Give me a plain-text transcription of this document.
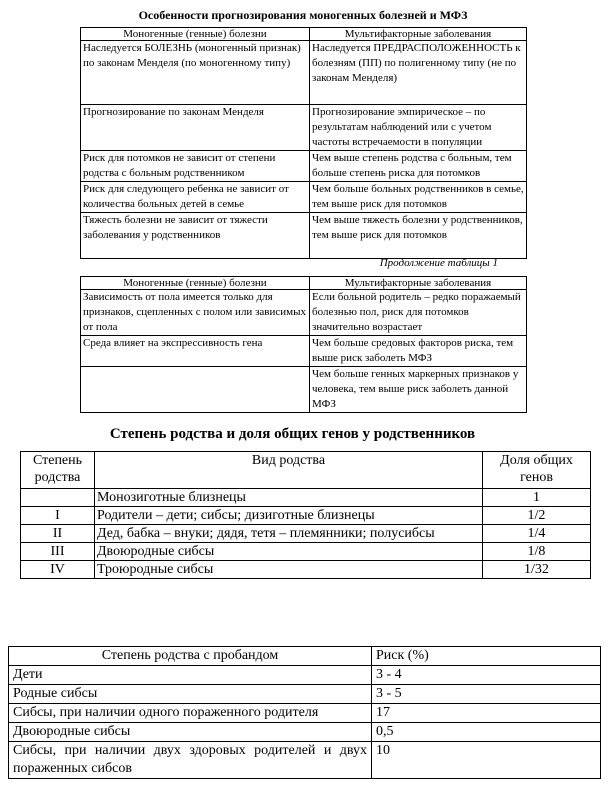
Особенности прогнозирования моногенных болезней и МФЗ
Моногенные (генные) болезни	Мультифакторные заболевания
Наследуется БОЛЕЗНЬ (моногенный признак) по законам Менделя (по моногенному типу)	Наследуется ПРЕДРАСПОЛОЖЕННОСТЬ к болезням (ПП) по полигенному типу (не по законам Менделя)
Прогнозирование по законам Менделя	Прогнозирование эмпирическое – по результатам наблюдений или с учетом частоты встречаемости в популяции
Риск для потомков не зависит от степени родства с больным родственником	Чем выше степень родства с больным, тем больше степень риска для потомков
Риск для следующего ребенка не зависит от количества больных детей в семье	Чем больше больных родственников в семье, тем выше риск для потомков
Тяжесть болезни не зависит от тяжести заболевания у родственников	Чем выше тяжесть болезни у родственников, тем выше риск для потомков
Продолжение таблицы 1
Моногенные (генные) болезни	Мультифакторные заболевания
Зависимость от пола имеется только для признаков, сцепленных с полом или зависимых от пола	Если больной родитель – редко поражаемый болезнью пол, риск для потомков значительно возрастает
Среда влияет на экспрессивность гена	Чем больше средовых факторов риска, тем выше риск заболеть МФЗ
	Чем больше генных маркерных признаков у человека, тем выше риск заболеть данной МФЗ
Степень родства и доля общих генов у родственников
Степень родства	Вид родства	Доля общих генов
	Монозиготные близнецы	1
I	Родители – дети; сибсы; дизиготные близнецы	1/2
II	Дед, бабка – внуки; дядя, тетя – племянники; полусибсы	1/4
III	Двоюродные сибсы	1/8
IV	Троюродные сибсы	1/32
Степень родства с пробандом	Риск (%)
Дети	3 - 4
Родные сибсы	3 - 5
Сибсы, при наличии одного пораженного родителя	17
Двоюродные сибсы	0,5
Сибсы, при наличии двух здоровых родителей и двух пораженных сибсов	10
